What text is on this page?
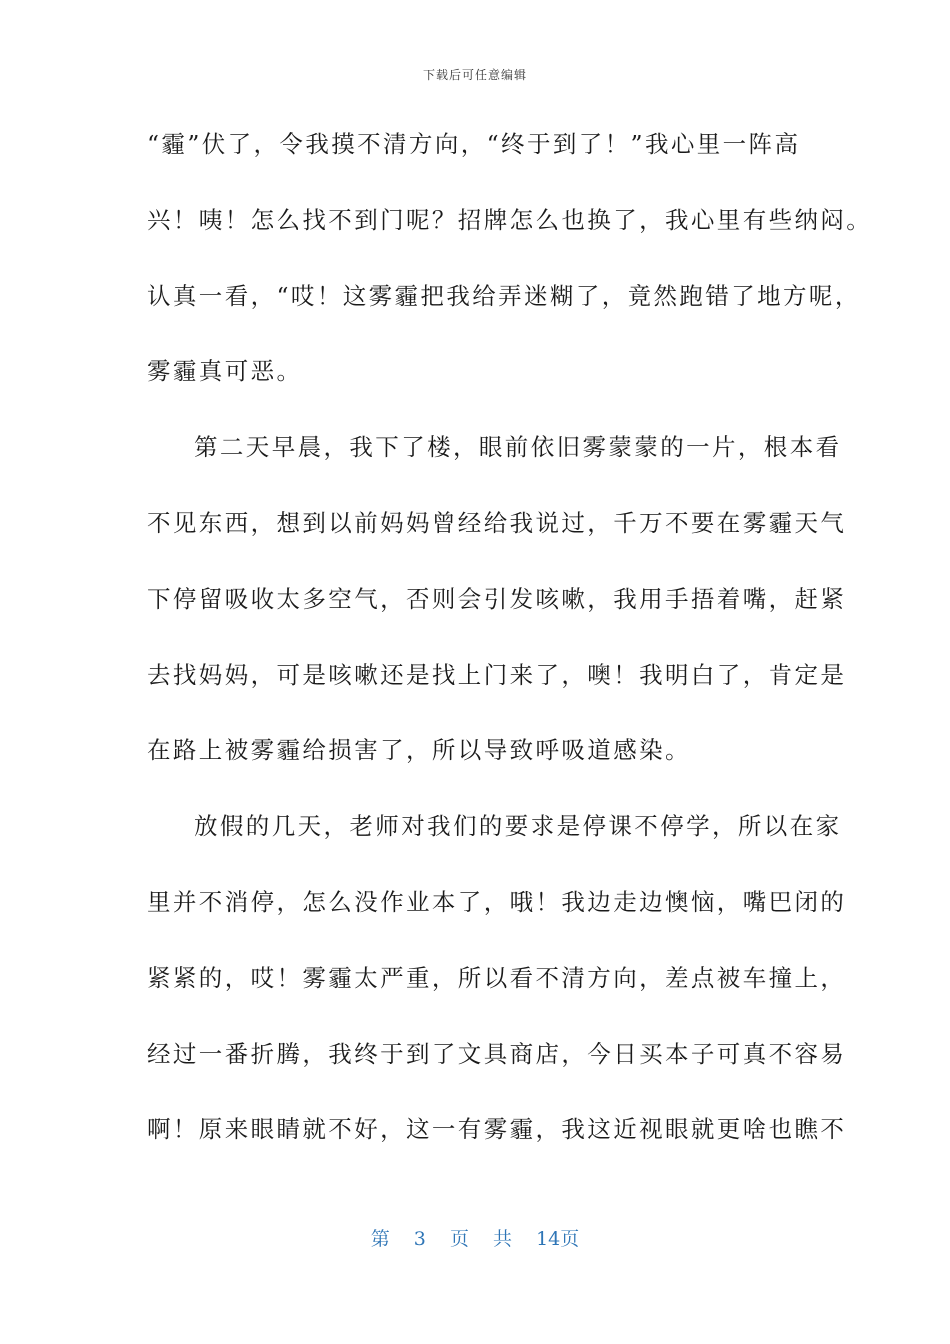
下载后可任意编辑
“霾”伏了，令我摸不清方向，“终于到了！”我心里一阵高
兴！咦！怎么找不到门呢？招牌怎么也换了，我心里有些纳闷。
认真一看，“哎！这雾霾把我给弄迷糊了，竟然跑错了地方呢，
雾霾真可恶。
第二天早晨，我下了楼，眼前依旧雾蒙蒙的一片，根本看
不见东西，想到以前妈妈曾经给我说过，千万不要在雾霾天气
下停留吸收太多空气，否则会引发咳嗽，我用手捂着嘴，赶紧
去找妈妈，可是咳嗽还是找上门来了，噢！我明白了，肯定是
在路上被雾霾给损害了，所以导致呼吸道感染。
放假的几天，老师对我们的要求是停课不停学，所以在家
里并不消停，怎么没作业本了，哦！我边走边懊恼，嘴巴闭的
紧紧的，哎！雾霾太严重，所以看不清方向，差点被车撞上，
经过一番折腾，我终于到了文具商店，今日买本子可真不容易
啊！原来眼睛就不好，这一有雾霾，我这近视眼就更啥也瞧不
第 3 页 共 14页
